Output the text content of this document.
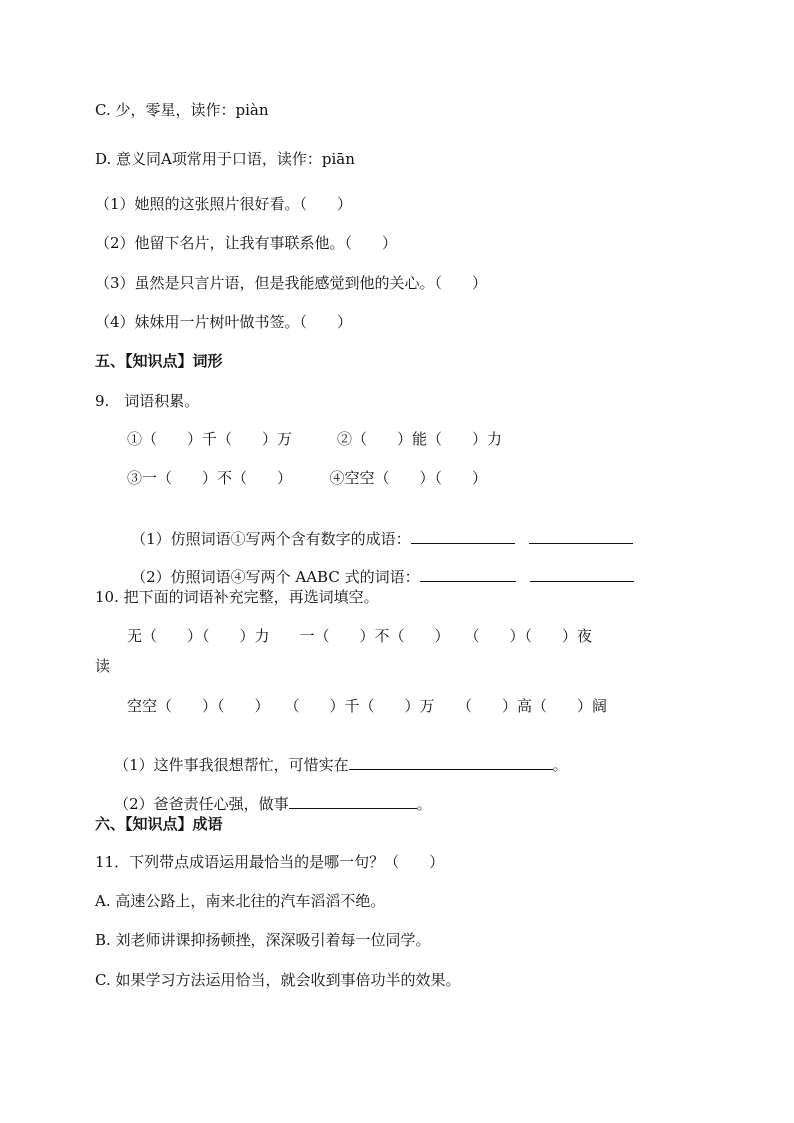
C. 少，零星，读作：piàn
D. 意义同A项常用于口语，读作：piān
（1）她照的这张照片很好看。（　　）
（2）他留下名片，让我有事联系他。（　　）
（3）虽然是只言片语，但是我能感觉到他的关心。（　　）
（4）妹妹用一片树叶做书签。（　　）
五、【知识点】词形
9.　词语积累。
①（　　）千（　　）万　　　②（　　）能（　　）力
③一（　　）不（　　）　　　④空空（　　）（　　）

（1）仿照词语①写两个含有数字的成语：

（2）仿照词语④写两个 AABC 式的词语：

10. 把下面的词语补充完整，再选词填空。
无（　　）（　　）力　　一（　　）不（　　）　　（　　）（　　）夜
读
空空（　　）（　　）　　（　　）千（　　）万　　（　　）高（　　）阔

（1）这件事我很想帮忙，可惜实在	。

（2）爸爸责任心强，做事	。

六、【知识点】成语
11．下列带点成语运用最恰当的是哪一句？（　　）
A. 高速公路上，南来北往的汽车滔滔不绝。
B. 刘老师讲课抑扬顿挫，深深吸引着每一位同学。
C. 如果学习方法运用恰当，就会收到事倍功半的效果。
